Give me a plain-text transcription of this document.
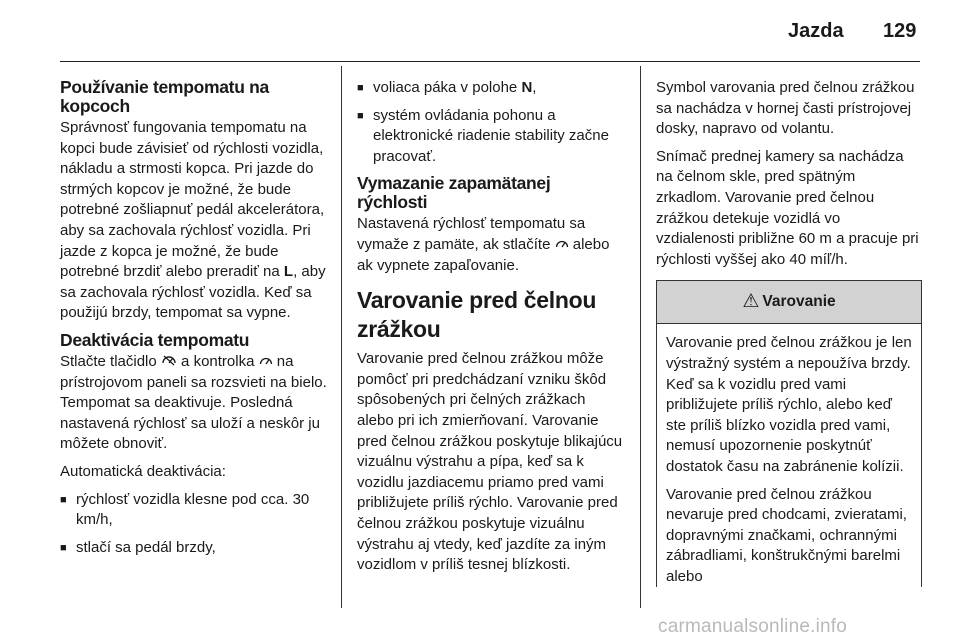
Jazda 129
Používanie tempomatu na kopcoch

Správnosť fungovania tempomatu na kopci bude závisieť od rýchlosti vozidla, nákladu a strmosti kopca. Pri jazde do strmých kopcov je možné, že bude potrebné zošliapnuť pedál akcelerátora, aby sa zachovala rýchlosť vozidla. Pri jazde z kopca je možné, že bude potrebné brzdiť alebo preradiť na L, aby sa zachovala rýchlosť vozidla. Keď sa použijú brzdy, tempomat sa vypne.

Deaktivácia tempomatu

Stlačte tlačidlo  a kontrolka  na prístrojovom paneli sa rozsvieti na bielo. Tempomat sa deaktivuje. Posledná nastavená rýchlosť sa uloží a neskôr ju môžete obnoviť.

Automatická deaktivácia:

■ rýchlosť vozidla klesne pod cca. 30 km/h,
■ stlačí sa pedál brzdy,
■ voliaca páka v polohe N,
■ systém ovládania pohonu a elektronické riadenie stability začne pracovať.
Vymazanie zapamätanej rýchlosti

Nastavená rýchlosť tempomatu sa vymaže z pamäte, ak stlačíte  alebo ak vypnete zapaľovanie.

Varovanie pred čelnou zrážkou

Varovanie pred čelnou zrážkou môže pomôcť pri predchádzaní vzniku škôd spôsobených pri čelných zrážkach alebo pri ich zmierňovaní. Varovanie pred čelnou zrážkou poskytuje blikajúcu vizuálnu výstrahu a pípa, keď sa k vozidlu jazdiacemu priamo pred vami približujete príliš rýchlo. Varovanie pred čelnou zrážkou poskytuje vizuálnu výstrahu aj vtedy, keď jazdíte za iným vozidlom v príliš tesnej blízkosti.

Symbol varovania pred čelnou zrážkou sa nachádza v hornej časti prístrojovej dosky, napravo od volantu.

Snímač prednej kamery sa nachádza na čelnom skle, pred spätným zrkadlom. Varovanie pred čelnou zrážkou detekuje vozidlá vo vzdialenosti približne 60 m a pracuje pri rýchlosti vyššej ako 40 míľ/h.

⚠ Varovanie

Varovanie pred čelnou zrážkou je len výstražný systém a nepoužíva brzdy. Keď sa k vozidlu pred vami približujete príliš rýchlo, alebo keď ste príliš blízko vozidla pred vami, nemusí upozornenie poskytnúť dostatok času na zabránenie kolízii.

Varovanie pred čelnou zrážkou nevaruje pred chodcami, zvieratami, dopravnými značkami, ochrannými zábradliami, konštrukčnými barelmi alebo

carmanualsonline.info
